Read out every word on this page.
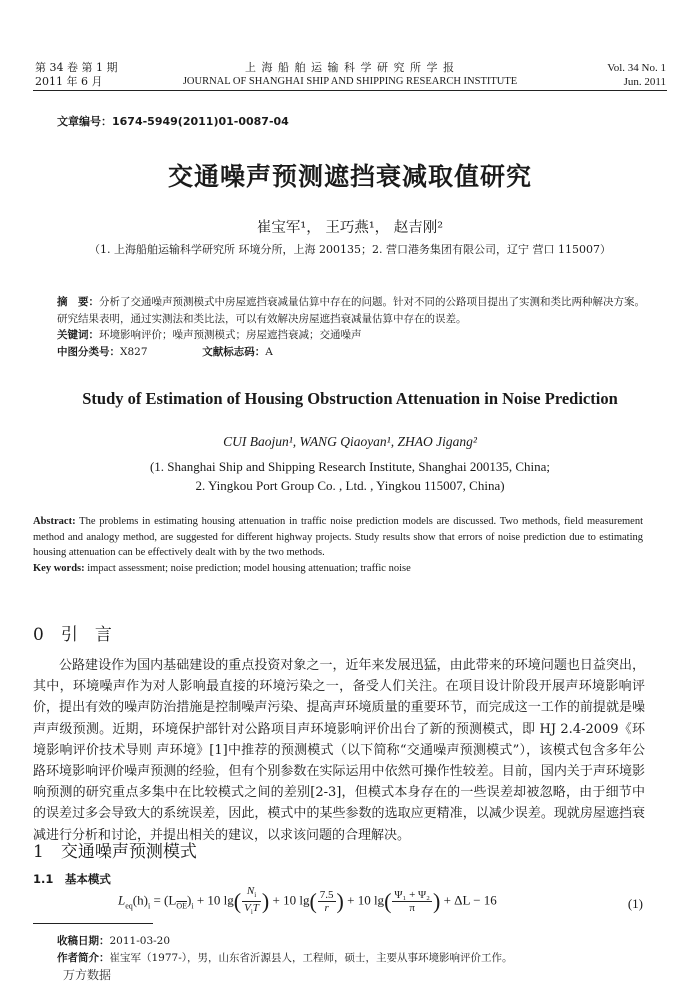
第 34 卷 第 1 期
2011 年 6 月
上 海 船 舶 运 输 科 学 研 究 所 学 报
JOURNAL OF SHANGHAI SHIP AND SHIPPING RESEARCH INSTITUTE
Vol. 34 No. 1
Jun. 2011
文章编号：1674-5949(2011)01-0087-04
交通噪声预测遮挡衰减取值研究
崔宝军¹， 王巧燕¹， 赵吉刚²
（1. 上海船舶运输科学研究所 环境分所，上海 200135；2. 营口港务集团有限公司，辽宁 营口 115007）
摘　要：分析了交通噪声预测模式中房屋遮挡衰减量估算中存在的问题。针对不同的公路项目提出了实测和类比两种解决方案。研究结果表明，通过实测法和类比法，可以有效解决房屋遮挡衰减量估算中存在的误差。
关键词：环境影响评价；噪声预测模式；房屋遮挡衰减；交通噪声
中图分类号：X827	文献标志码：A
Study of Estimation of Housing Obstruction Attenuation in Noise Prediction
CUI Baojun¹, WANG Qiaoyan¹, ZHAO Jigang²
(1. Shanghai Ship and Shipping Research Institute, Shanghai 200135, China;
2. Yingkou Port Group Co. , Ltd. , Yingkou 115007, China)
Abstract: The problems in estimating housing attenuation in traffic noise prediction models are discussed. Two methods, field measurement method and analogy method, are suggested for different highway projects. Study results show that errors of noise prediction due to estimating housing attenuation can be effectively dealt with by the two methods.
Key words: impact assessment; noise prediction; model housing attenuation; traffic noise
0　引　言
公路建设作为国内基础建设的重点投资对象之一，近年来发展迅猛，由此带来的环境问题也日益突出，其中，环境噪声作为对人影响最直接的环境污染之一，备受人们关注。在项目设计阶段开展声环境影响评价，提出有效的噪声防治措施是控制噪声污染、提高声环境质量的重要环节，而完成这一工作的前提就是噪声声级预测。近期，环境保护部针对公路项目声环境影响评价出台了新的预测模式，即 HJ 2.4-2009《环境影响评价技术导则 声环境》[1]中推荐的预测模式（以下简称“交通噪声预测模式”），该模式包含多年公路环境影响评价噪声预测的经验，但有个别参数在实际运用中依然可操作性较差。目前，国内关于声环境影响预测的研究重点多集中在比较模式之间的差别[2-3]，但模式本身存在的一些误差却被忽略，由于细节中的误差过多会导致大的系统误差，因此，模式中的某些参数的选取应更精准，以减少误差。现就房屋遮挡衰减进行分析和讨论，并提出相关的建议，以求该问题的合理解决。
1　交通噪声预测模式
1.1　基本模式
$L_{eq}(h)_i = (L_{\overline{OE}})_i + 10$ $\lg( \frac{N_i}{V_iT}$ ) + 10 $\lg( \frac{7.5}{r}$ ) + 10 $\lg( \frac{\text{Ψ₁ + Ψ₂}}{\pi}$ ) + ΔL − 16	(1)
收稿日期：2011-03-20
作者简介：崔宝军（1977-），男，山东省沂源县人，工程师，硕士，主要从事环境影响评价工作。
万方数据
